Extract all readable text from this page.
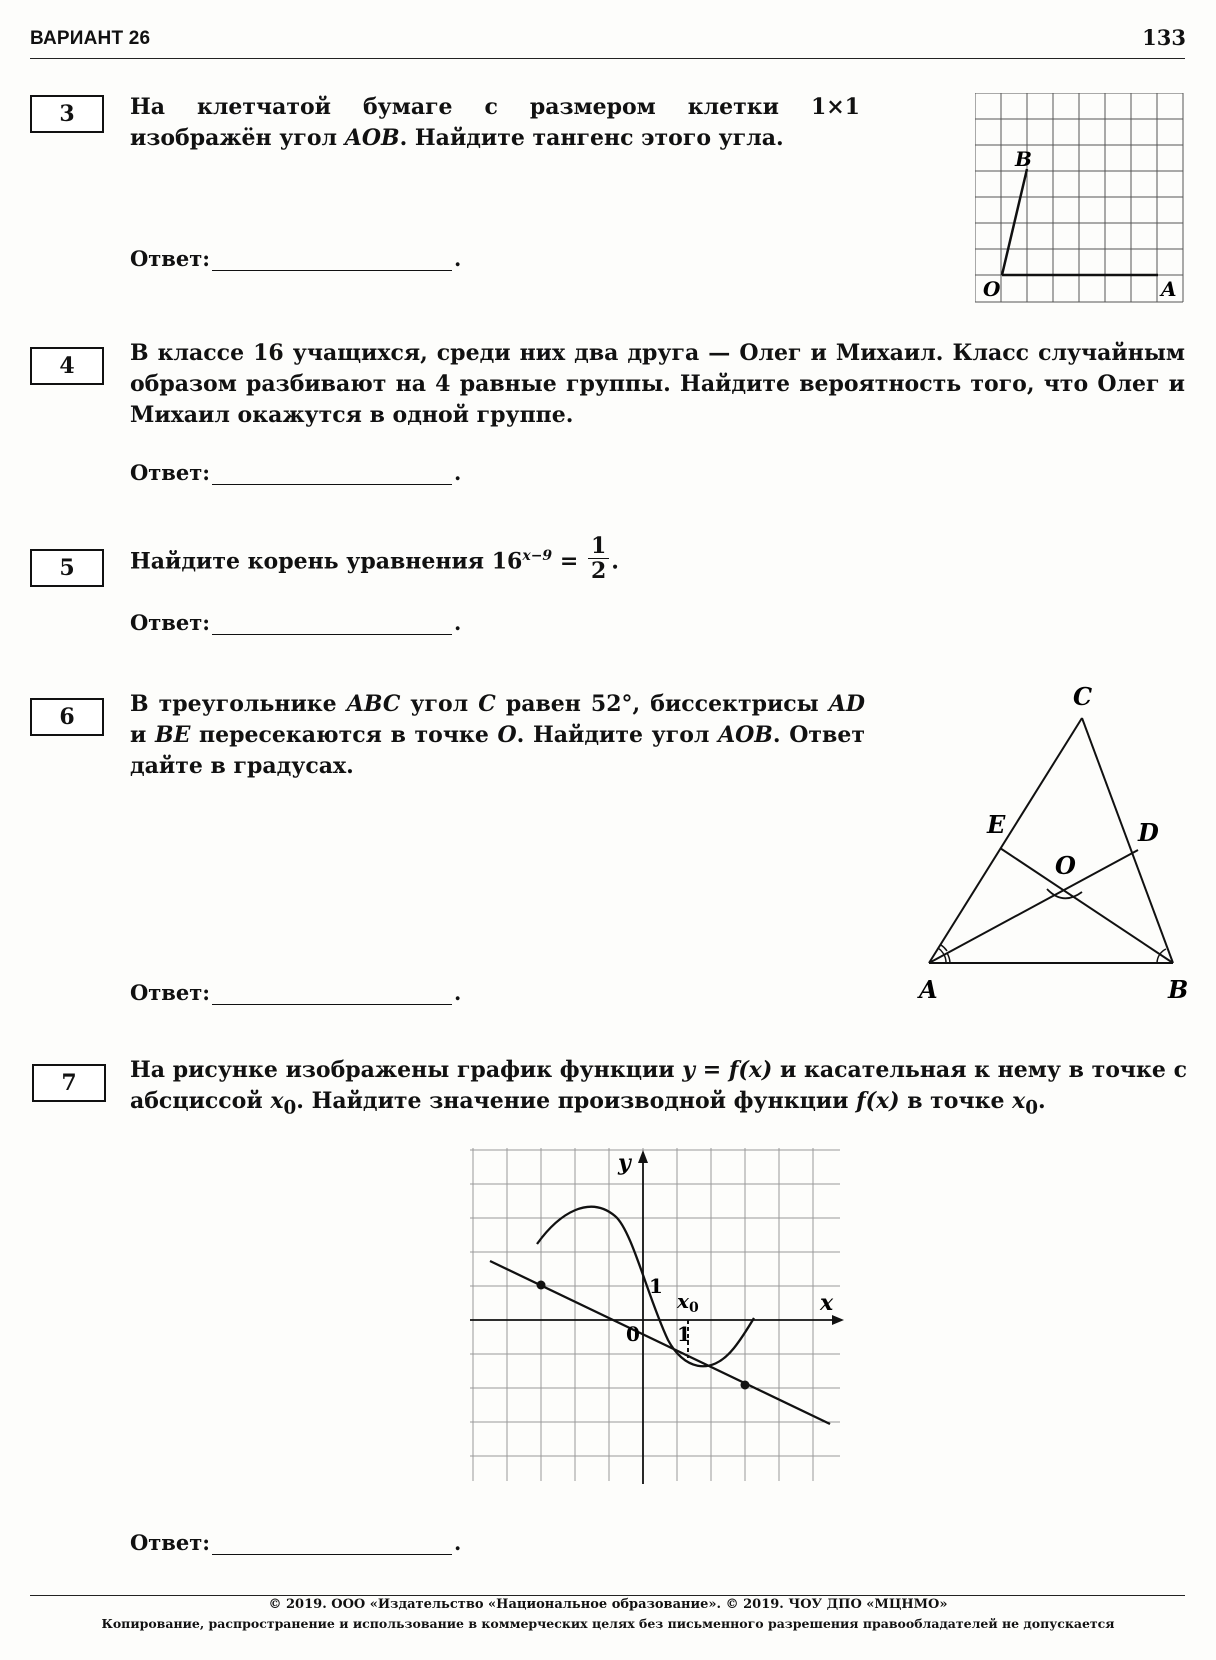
ВАРИАНТ 26	133
3	На клетчатой бумаге с размером клетки 1×1 изображён угол AOB. Найдите тангенс этого угла.
Ответ:	.
B
O	A
4	В классе 16 учащихся, среди них два друга — Олег и Михаил. Класс случайным образом разбивают на 4 равные группы. Найдите вероятность того, что Олег и Михаил окажутся в одной группе.
Ответ:	.
5	Найдите корень уравнения $16^{x-9} = \frac{1}{2}$ .
Ответ:	.
6	В треугольнике ABC угол C равен 52°, биссектрисы AD и BE пересекаются в точке O. Найдите угол AOB. Ответ дайте в градусах.
Ответ:	.
C
E	D
O
A	B
7	На рисунке изображены график функции y = f(x) и касательная к нему в точке с абсциссой $x_0$. Найдите значение производной функции f(x) в точке $x_0$.
y
x
1
0 1
$x_0$
Ответ:	.
© 2019. ООО «Издательство «Национальное образование». © 2019. ЧОУ ДПО «МЦНМО»
Копирование, распространение и использование в коммерческих целях без письменного разрешения правообладателей не допускается
